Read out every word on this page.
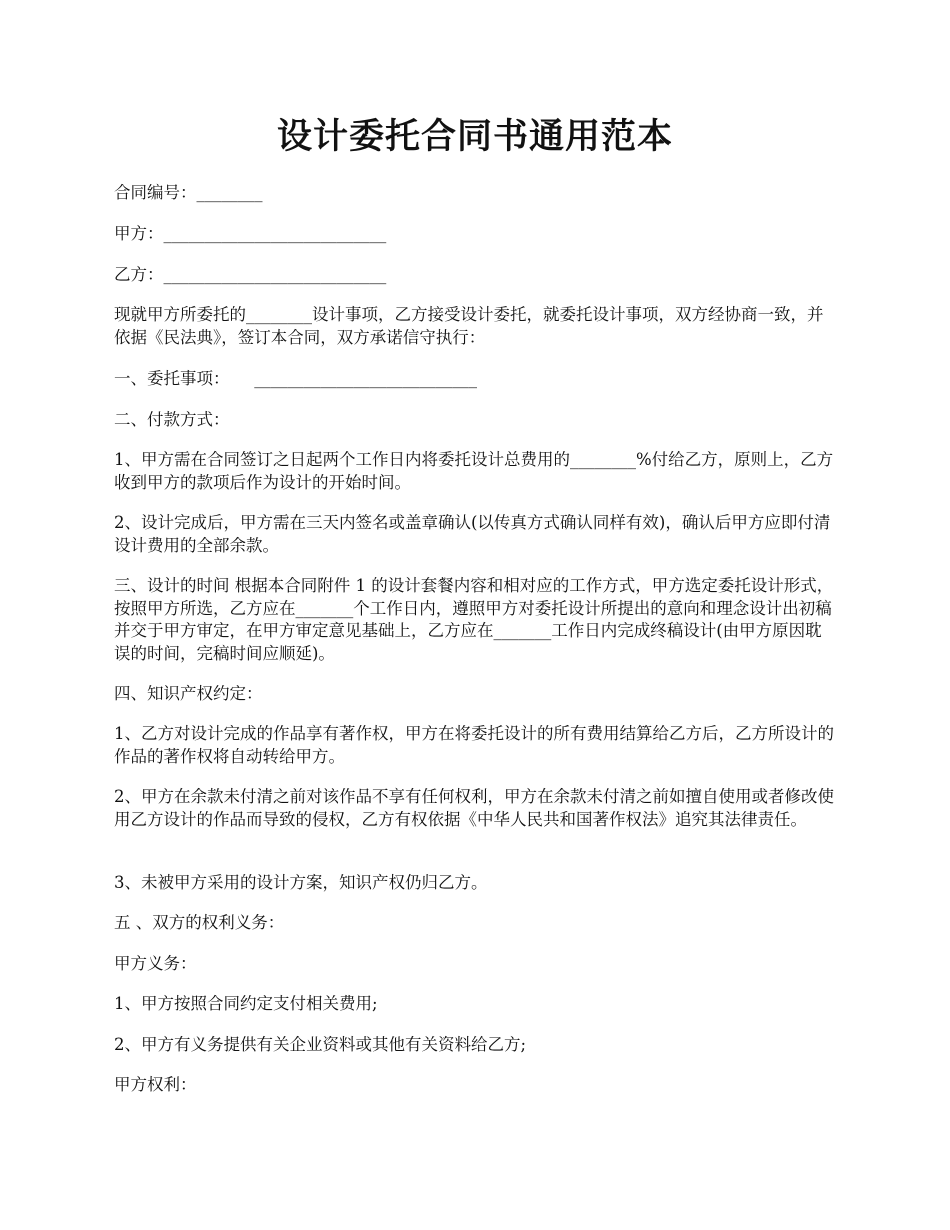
设计委托合同书通用范本
合同编号：________
甲方：___________________________
乙方：___________________________
现就甲方所委托的________设计事项，乙方接受设计委托，就委托设计事项，双方经协商一致，并依据《民法典》，签订本合同，双方承诺信守执行：
一、委托事项：　　___________________________
二、付款方式：
1、甲方需在合同签订之日起两个工作日内将委托设计总费用的________%付给乙方，原则上，乙方收到甲方的款项后作为设计的开始时间。
2、设计完成后，甲方需在三天内签名或盖章确认(以传真方式确认同样有效)，确认后甲方应即付清设计费用的全部余款。
三、设计的时间 根据本合同附件 1 的设计套餐内容和相对应的工作方式，甲方选定委托设计形式，按照甲方所选，乙方应在_______个工作日内，遵照甲方对委托设计所提出的意向和理念设计出初稿并交于甲方审定，在甲方审定意见基础上，乙方应在_______工作日内完成终稿设计(由甲方原因耽误的时间，完稿时间应顺延)。
四、知识产权约定：
1、乙方对设计完成的作品享有著作权，甲方在将委托设计的所有费用结算给乙方后，乙方所设计的作品的著作权将自动转给甲方。
2、甲方在余款未付清之前对该作品不享有任何权利，甲方在余款未付清之前如擅自使用或者修改使用乙方设计的作品而导致的侵权，乙方有权依据《中华人民共和国著作权法》追究其法律责任。
3、未被甲方采用的设计方案，知识产权仍归乙方。
五 、双方的权利义务：
甲方义务：
1、甲方按照合同约定支付相关费用;
2、甲方有义务提供有关企业资料或其他有关资料给乙方;
甲方权利：
